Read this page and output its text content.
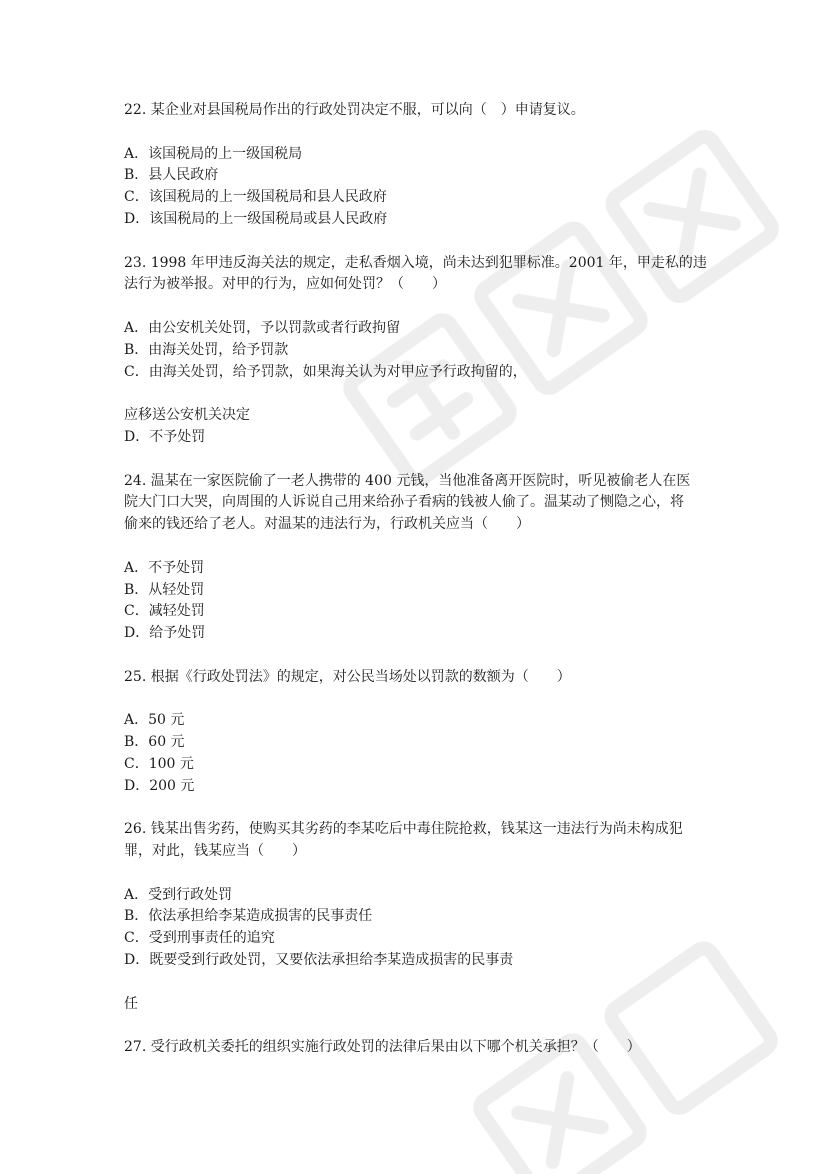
22. 某企业对县国税局作出的行政处罚决定不服，可以向（　）申请复议。
A．该国税局的上一级国税局
B．县人民政府
C．该国税局的上一级国税局和县人民政府
D．该国税局的上一级国税局或县人民政府
23. 1998 年甲违反海关法的规定，走私香烟入境，尚未达到犯罪标准。2001 年，甲走私的违
法行为被举报。对甲的行为，应如何处罚？（　　）
A．由公安机关处罚，予以罚款或者行政拘留
B．由海关处罚，给予罚款
C．由海关处罚，给予罚款，如果海关认为对甲应予行政拘留的，
应移送公安机关决定
D．不予处罚
24. 温某在一家医院偷了一老人携带的 400 元钱，当他准备离开医院时，听见被偷老人在医
院大门口大哭，向周围的人诉说自己用来给孙子看病的钱被人偷了。温某动了恻隐之心，将
偷来的钱还给了老人。对温某的违法行为，行政机关应当（　　）
A．不予处罚
B．从轻处罚
C．减轻处罚
D．给予处罚
25. 根据《行政处罚法》的规定，对公民当场处以罚款的数额为（　　）
A．50 元
B．60 元
C．100 元
D．200 元
26. 钱某出售劣药，使购买其劣药的李某吃后中毒住院抢救，钱某这一违法行为尚未构成犯
罪，对此，钱某应当（　　）
A．受到行政处罚
B．依法承担给李某造成损害的民事责任
C．受到刑事责任的追究
D．既要受到行政处罚，又要依法承担给李某造成损害的民事责
任
27. 受行政机关委托的组织实施行政处罚的法律后果由以下哪个机关承担？（　　）
